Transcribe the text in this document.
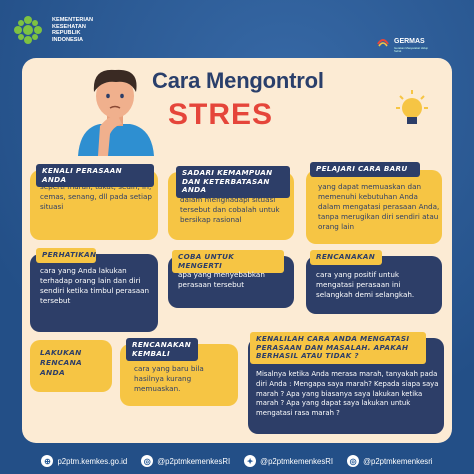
KEMENTERIAN
KESEHATAN
REPUBLIK
INDONESIA	GERMAS
Gerakan Masyarakat Hidup Sehat
Cara Mengontrol
STRES
KENALI PERASAAN ANDA
seperti marah, takut, sedih, iri, cemas, senang, dll pada setiap situasi
SADARI KEMAMPUAN DAN KETERBATASAN ANDA
dalam menghadapi situasi tersebut dan cobalah untuk bersikap rasional
PELAJARI CARA BARU
yang dapat memuaskan dan memenuhi kebutuhan Anda dalam mengatasi perasaan Anda, tanpa merugikan diri sendiri atau orang lain
PERHATIKAN
cara yang Anda lakukan terhadap orang lain dan diri sendiri ketika timbul perasaan tersebut
COBA UNTUK MENGERTI
apa yang menyebabkan perasaan tersebut
RENCANAKAN
cara yang positif untuk mengatasi perasaan ini selangkah demi selangkah.
LAKUKAN RENCANA ANDA
RENCANAKAN KEMBALI
cara yang baru bila hasilnya kurang memuaskan.
KENALILAH CARA ANDA MENGATASI PERASAAN DAN MASALAH. APAKAH BERHASIL ATAU TIDAK ?
Misalnya ketika Anda merasa marah, tanyakah pada diri Anda : Mengapa saya marah? Kepada siapa saya marah ? Apa yang biasanya saya lakukan ketika marah ? Apa yang dapat saya lakukan untuk mengatasi rasa marah ?
⊕ p2ptm.kemkes.go.id	◎ @p2ptmkemenkesRI	✦ @p2ptmkemenkesRI	◎ @p2ptmkemenkesri
